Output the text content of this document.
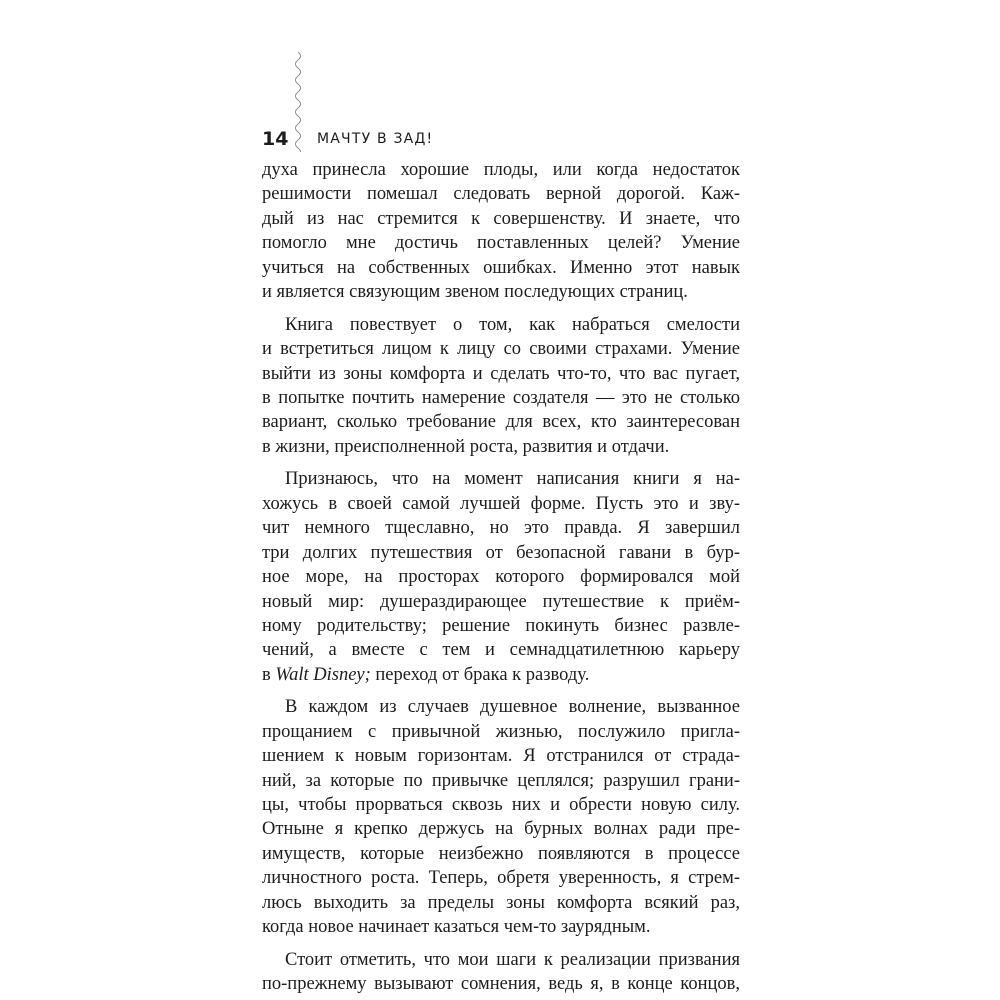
14 МАЧТУ В ЗАД!

духа принесла хорошие плоды, или когда недостаток
решимости помешал следовать верной дорогой. Каж-
дый из нас стремится к совершенству. И знаете, что
помогло мне достичь поставленных целей? Умение
учиться на собственных ошибках. Именно этот навык
и является связующим звеном последующих страниц.
Книга повествует о том, как набраться смелости
и встретиться лицом к лицу со своими страхами. Умение
выйти из зоны комфорта и сделать что-то, что вас пугает,
в попытке почтить намерение создателя — это не столько
вариант, сколько требование для всех, кто заинтересован
в жизни, преисполненной роста, развития и отдачи.
Признаюсь, что на момент написания книги я на-
хожусь в своей самой лучшей форме. Пусть это и зву-
чит немного тщеславно, но это правда. Я завершил
три долгих путешествия от безопасной гавани в бур-
ное море, на просторах которого формировался мой
новый мир: душераздирающее путешествие к приём-
ному родительству; решение покинуть бизнес развле-
чений, а вместе с тем и семнадцатилетнюю карьеру
в Walt Disney; переход от брака к разводу.
В каждом из случаев душевное волнение, вызванное
прощанием с привычной жизнью, послужило пригла-
шением к новым горизонтам. Я отстранился от страда-
ний, за которые по привычке цеплялся; разрушил грани-
цы, чтобы прорваться сквозь них и обрести новую силу.
Отныне я крепко держусь на бурных волнах ради пре-
имуществ, которые неизбежно появляются в процессе
личностного роста. Теперь, обретя уверенность, я стрем-
люсь выходить за пределы зоны комфорта всякий раз,
когда новое начинает казаться чем-то заурядным.
Стоит отметить, что мои шаги к реализации призвания
по-прежнему вызывают сомнения, ведь я, в конце концов,
